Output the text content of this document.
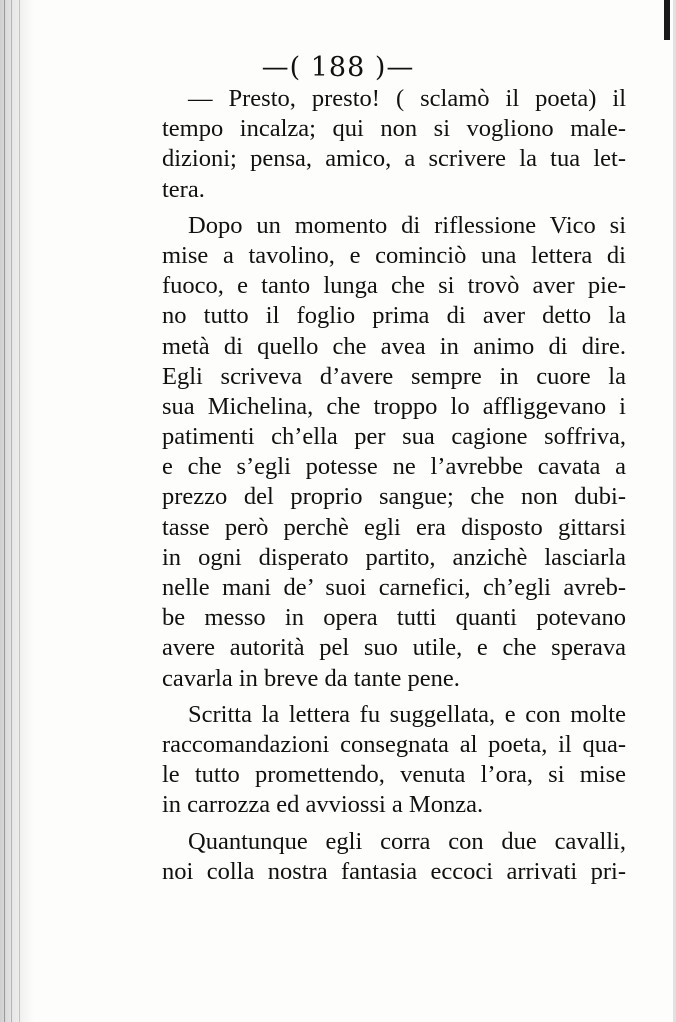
—( 188 )—
— Presto, presto! ( sclamò il poeta) il
tempo incalza; qui non si vogliono male-
dizioni; pensa, amico, a scrivere la tua let-
tera.
Dopo un momento di riflessione Vico si
mise a tavolino, e cominciò una lettera di
fuoco, e tanto lunga che si trovò aver pie-
no tutto il foglio prima di aver detto la
metà di quello che avea in animo di dire.
Egli scriveva d’avere sempre in cuore la
sua Michelina, che troppo lo affliggevano i
patimenti ch’ella per sua cagione soffriva,
e che s’egli potesse ne l’avrebbe cavata a
prezzo del proprio sangue; che non dubi-
tasse però perchè egli era disposto gittarsi
in ogni disperato partito, anzichè lasciarla
nelle mani de’ suoi carnefici, ch’egli avreb-
be messo in opera tutti quanti potevano
avere autorità pel suo utile, e che sperava
cavarla in breve da tante pene.
Scritta la lettera fu suggellata, e con molte
raccomandazioni consegnata al poeta, il qua-
le tutto promettendo, venuta l’ora, si mise
in carrozza ed avviossi a Monza.
Quantunque egli corra con due cavalli,
noi colla nostra fantasia eccoci arrivati pri-
